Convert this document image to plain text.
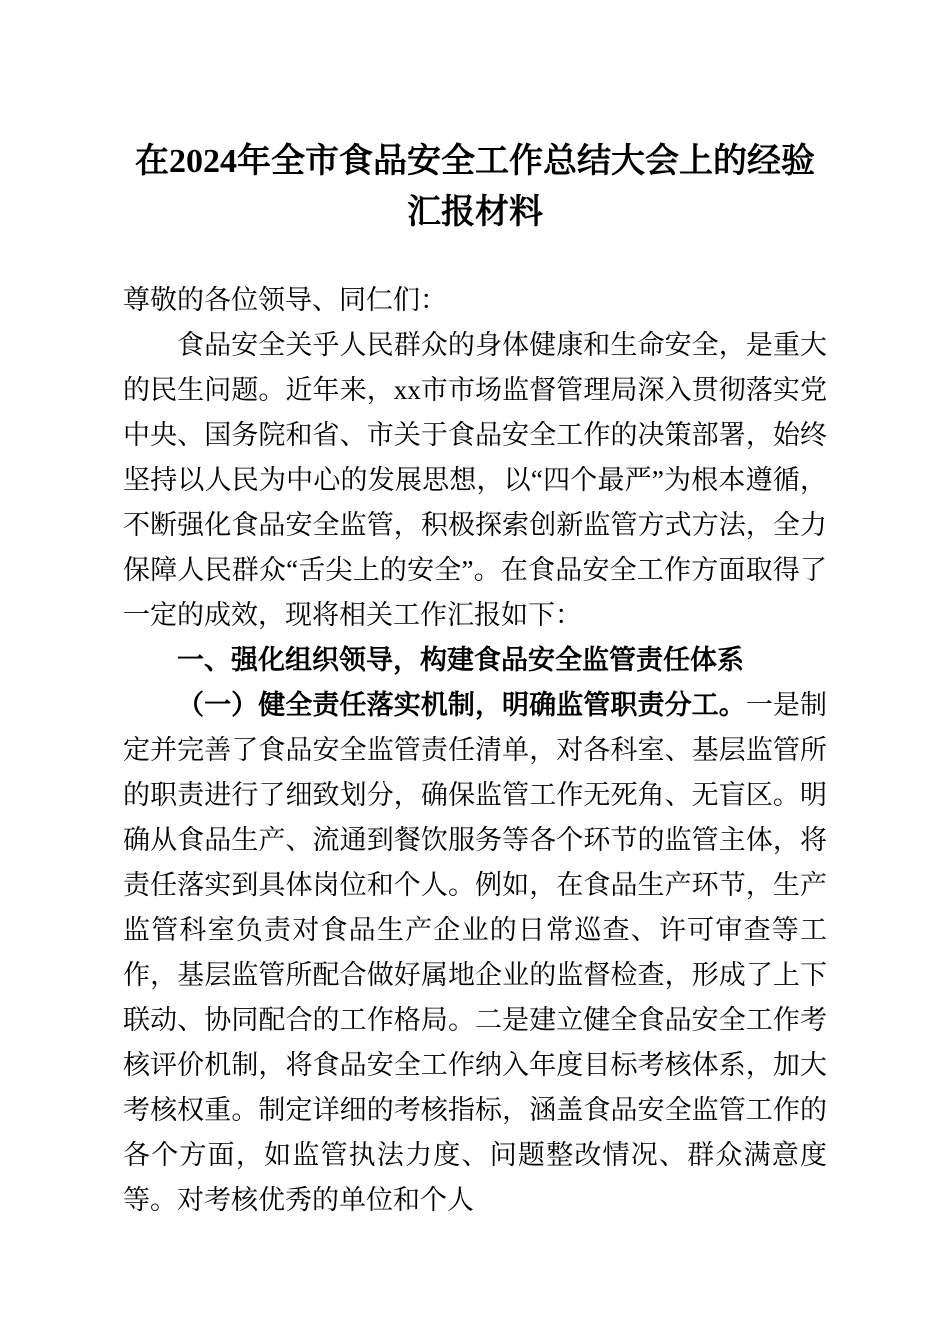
在2024年全市食品安全工作总结大会上的经验汇报材料

尊敬的各位领导、同仁们：

食品安全关乎人民群众的身体健康和生命安全，是重大的民生问题。近年来，xx市市场监督管理局深入贯彻落实党中央、国务院和省、市关于食品安全工作的决策部署，始终坚持以人民为中心的发展思想，以“四个最严”为根本遵循，不断强化食品安全监管，积极探索创新监管方式方法，全力保障人民群众“舌尖上的安全”。在食品安全工作方面取得了一定的成效，现将相关工作汇报如下：

一、强化组织领导，构建食品安全监管责任体系

（一）健全责任落实机制，明确监管职责分工。一是制定并完善了食品安全监管责任清单，对各科室、基层监管所的职责进行了细致划分，确保监管工作无死角、无盲区。明确从食品生产、流通到餐饮服务等各个环节的监管主体，将责任落实到具体岗位和个人。例如，在食品生产环节，生产监管科室负责对食品生产企业的日常巡查、许可审查等工作，基层监管所配合做好属地企业的监督检查，形成了上下联动、协同配合的工作格局。二是建立健全食品安全工作考核评价机制，将食品安全工作纳入年度目标考核体系，加大考核权重。制定详细的考核指标，涵盖食品安全监管工作的各个方面，如监管执法力度、问题整改情况、群众满意度等。对考核优秀的单位和个人
